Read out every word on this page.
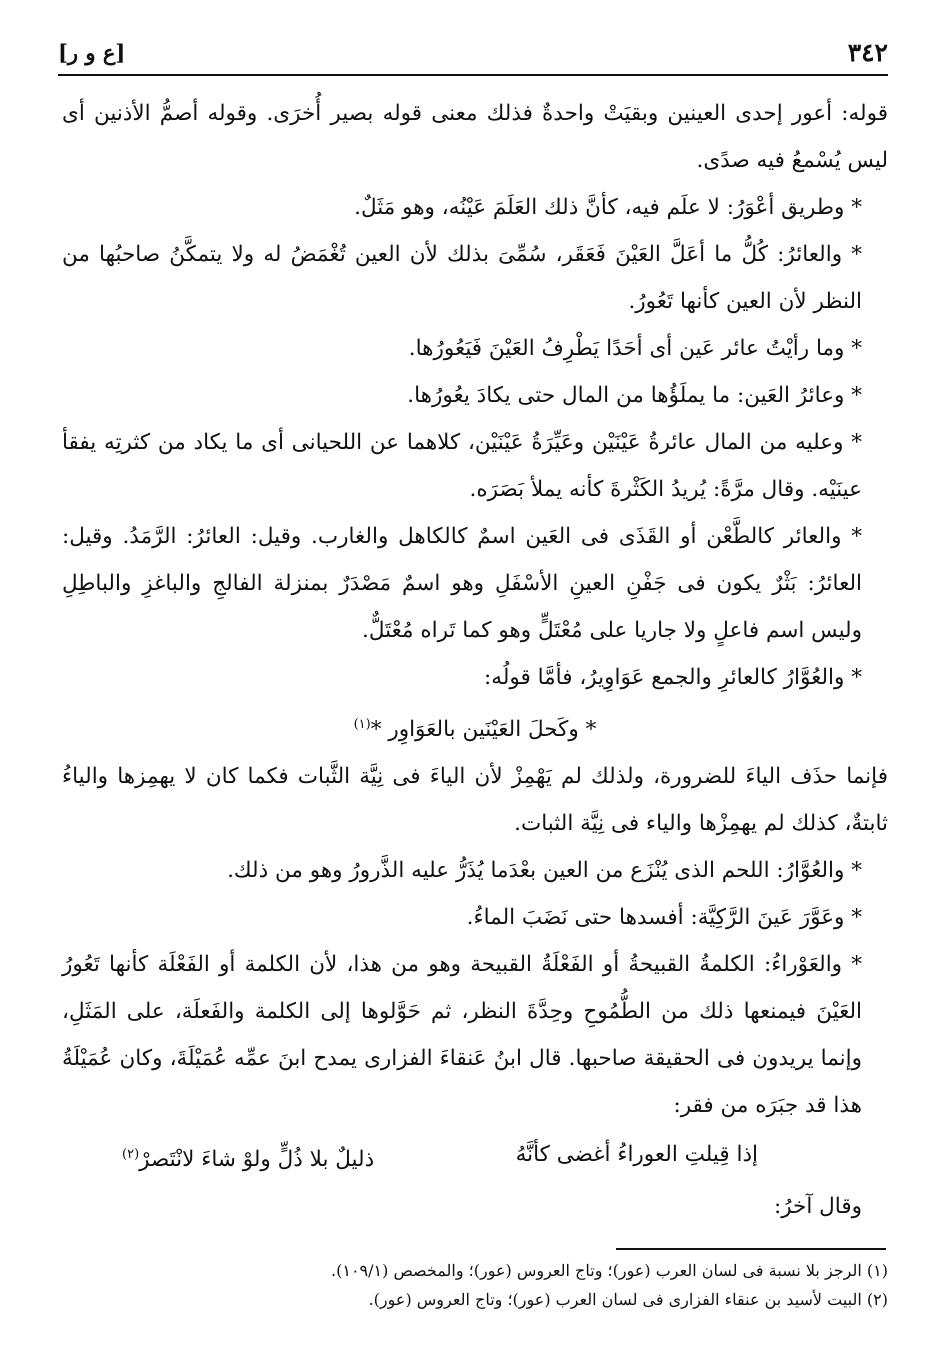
٣٤٢
[ع و ر]

قوله: أعور إحدى العينين وبقيَتْ واحدةٌ فذلك معنى قوله بصير أُخرَى. وقوله أصمُّ الأذنين أى ليس يُسْمعُ فيه صدًى.

* وطريق أعْوَرُ: لا علَم فيه، كأنَّ ذلك العَلَمَ عَيْنُه، وهو مَثَلٌ.

* والعائرُ: كُلُّ ما أعَلَّ العَيْنَ فَعَقَر، سُمِّىَ بذلك لأن العين تُغْمَضُ له ولا يتمكَّنُ صاحبُها من النظر لأن العين كأنها تَعُورُ.

* وما رأيْتُ عائر عَين أى أحَدًا يَطْرِفُ العَيْنَ فَيَعُورُها.

* وعائرُ العَين: ما يملَؤُها من المال حتى يكادَ يعُورُها.

* وعليه من المال عائرةُ عَيْنَيْن وعَيِّرَةُ عَيْنَيْن، كلاهما عن اللحيانى أى ما يكاد من كثرتِه يفقأ عينَيْه. وقال مرَّةً: يُريدُ الكَثْرةَ كأنه يملأ بَصَرَه.

* والعائر كالطَّعْن أو القَذَى فى العَين اسمٌ كالكاهل والغارب. وقيل: العائرُ: الرَّمَدُ. وقيل: العائرُ: بَثْرٌ يكون فى جَفْنِ العينِ الأسْفَلِ وهو اسمٌ مَصْدَرٌ بمنزلة الفالجِ والباغزِ والباطِلِ وليس اسم فاعلٍ ولا جاريا على مُعْتَلٍّ وهو كما تَراه مُعْتَلٌّ.

* والعُوَّارُ كالعائرِ والجمع عَوَاوِيرُ، فأمَّا قولُه:

* وكَحلَ العَيْنَين بالعَوَاوِر *$^{(١)}$

فإنما حذَف الياءَ للضرورة، ولذلك لم يَهْمِزْ لأن الياءَ فى نِيَّة الثَّبات فكما كان لا يهمِزها والياءُ ثابتةٌ، كذلك لم يهمِزْها والياء فى نِيَّة الثبات.

* والعُوَّارُ: اللحم الذى يُنْزَع من العين بعْدَما يُذَرُّ عليه الذَّرورُ وهو من ذلك.

* وعَوَّرَ عَينَ الرَّكِيَّة: أفسدها حتى نَضَبَ الماءُ.

* والعَوْراءُ: الكلمةُ القبيحةُ أو الفَعْلَةُ القبيحة وهو من هذا، لأن الكلمة أو الفَعْلَة كأنها تَعُورُ العَيْنَ فيمنعها ذلك من الطُّمُوحِ وحِدَّةَ النظر، ثم حَوَّلوها إلى الكلمة والفَعلَة، على المَثَلِ، وإنما يريدون فى الحقيقة صاحبها. قال ابنُ عَنقاءَ الفزارى يمدح ابنَ عمِّه عُمَيْلَةَ، وكان عُمَيْلَةُ هذا قد جبَرَه من فقر:

إذا قِيلتِ العوراءُ أغضى كأنَّهُ
ذليلٌ بلا ذُلٍّ ولوْ شاءَ لانْتَصرْ$^{(٢)}$

وقال آخرُ:

(١) الرجز بلا نسبة فى لسان العرب (عور)؛ وتاج العروس (عور)؛ والمخصص (١٠٩/١).

(٢) البيت لأسيد بن عنقاء الفزارى فى لسان العرب (عور)؛ وتاج العروس (عور).
